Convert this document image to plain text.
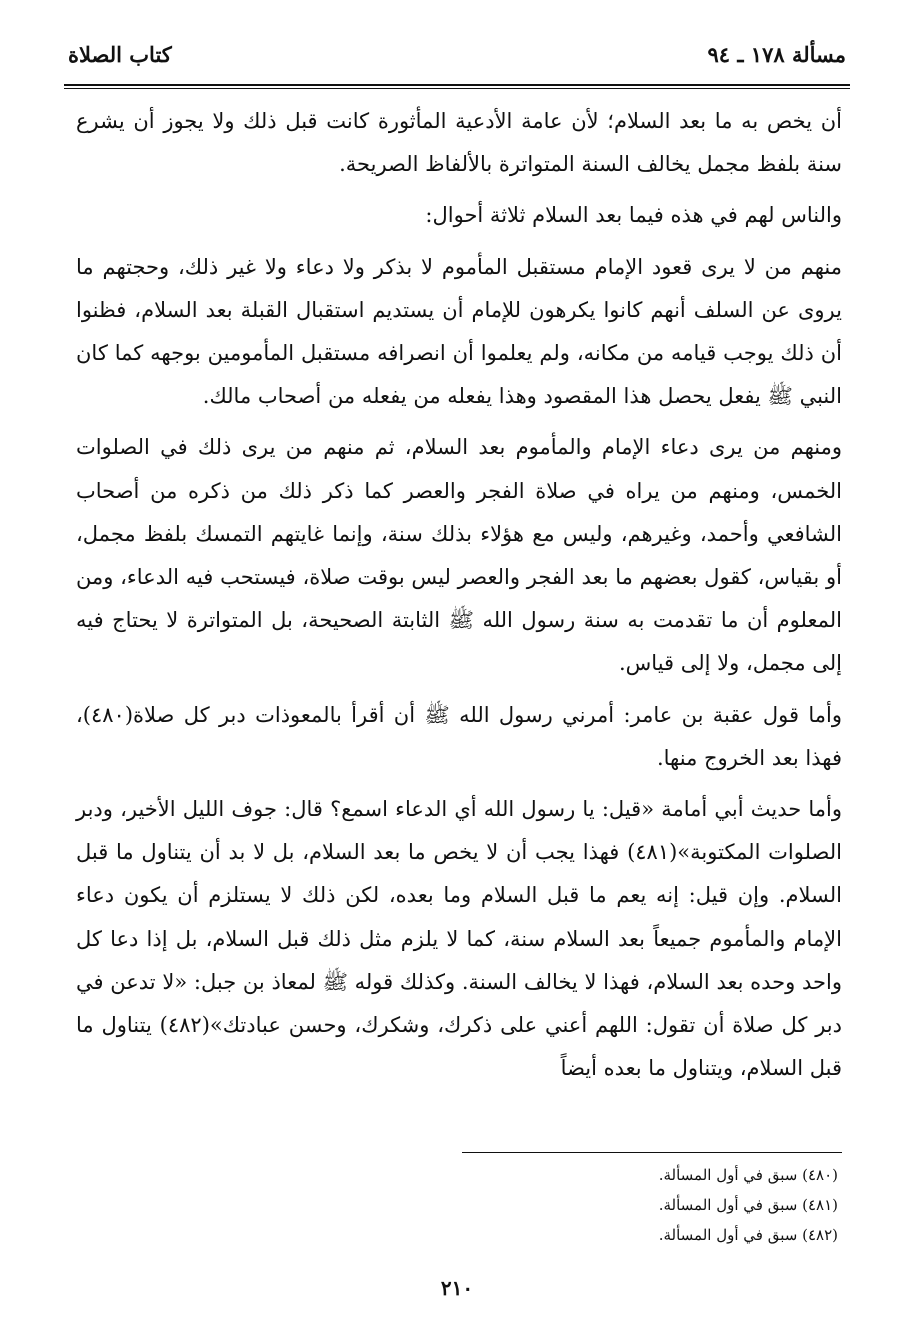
مسألة ١٧٨ ـ ٩٤
كتاب الصلاة

أن يخص به ما بعد السلام؛ لأن عامة الأدعية المأثورة كانت قبل ذلك ولا يجوز أن يشرع سنة بلفظ مجمل يخالف السنة المتواترة بالألفاظ الصريحة.

والناس لهم في هذه فيما بعد السلام ثلاثة أحوال:

منهم من لا يرى قعود الإمام مستقبل المأموم لا بذكر ولا دعاء ولا غير ذلك، وحجتهم ما يروى عن السلف أنهم كانوا يكرهون للإمام أن يستديم استقبال القبلة بعد السلام، فظنوا أن ذلك يوجب قيامه من مكانه، ولم يعلموا أن انصرافه مستقبل المأمومين بوجهه كما كان النبي ﷺ يفعل يحصل هذا المقصود وهذا يفعله من يفعله من أصحاب مالك.

ومنهم من يرى دعاء الإمام والمأموم بعد السلام، ثم منهم من يرى ذلك في الصلوات الخمس، ومنهم من يراه في صلاة الفجر والعصر كما ذكر ذلك من ذكره من أصحاب الشافعي وأحمد، وغيرهم، وليس مع هؤلاء بذلك سنة، وإنما غايتهم التمسك بلفظ مجمل، أو بقياس، كقول بعضهم ما بعد الفجر والعصر ليس بوقت صلاة، فيستحب فيه الدعاء، ومن المعلوم أن ما تقدمت به سنة رسول الله ﷺ الثابتة الصحيحة، بل المتواترة لا يحتاج فيه إلى مجمل، ولا إلى قياس.

وأما قول عقبة بن عامر: أمرني رسول الله ﷺ أن أقرأ بالمعوذات دبر كل صلاة(٤٨٠)، فهذا بعد الخروج منها.

وأما حديث أبي أمامة «قيل: يا رسول الله أي الدعاء اسمع؟ قال: جوف الليل الأخير، ودبر الصلوات المكتوبة»(٤٨١) فهذا يجب أن لا يخص ما بعد السلام، بل لا بد أن يتناول ما قبل السلام. وإن قيل: إنه يعم ما قبل السلام وما بعده، لكن ذلك لا يستلزم أن يكون دعاء الإمام والمأموم جميعاً بعد السلام سنة، كما لا يلزم مثل ذلك قبل السلام، بل إذا دعا كل واحد وحده بعد السلام، فهذا لا يخالف السنة. وكذلك قوله ﷺ لمعاذ بن جبل: «لا تدعن في دبر كل صلاة أن تقول: اللهم أعني على ذكرك، وشكرك، وحسن عبادتك»(٤٨٢) يتناول ما قبل السلام، ويتناول ما بعده أيضاً

(٤٨٠) سبق في أول المسألة.
(٤٨١) سبق في أول المسألة.
(٤٨٢) سبق في أول المسألة.
٢١٠
